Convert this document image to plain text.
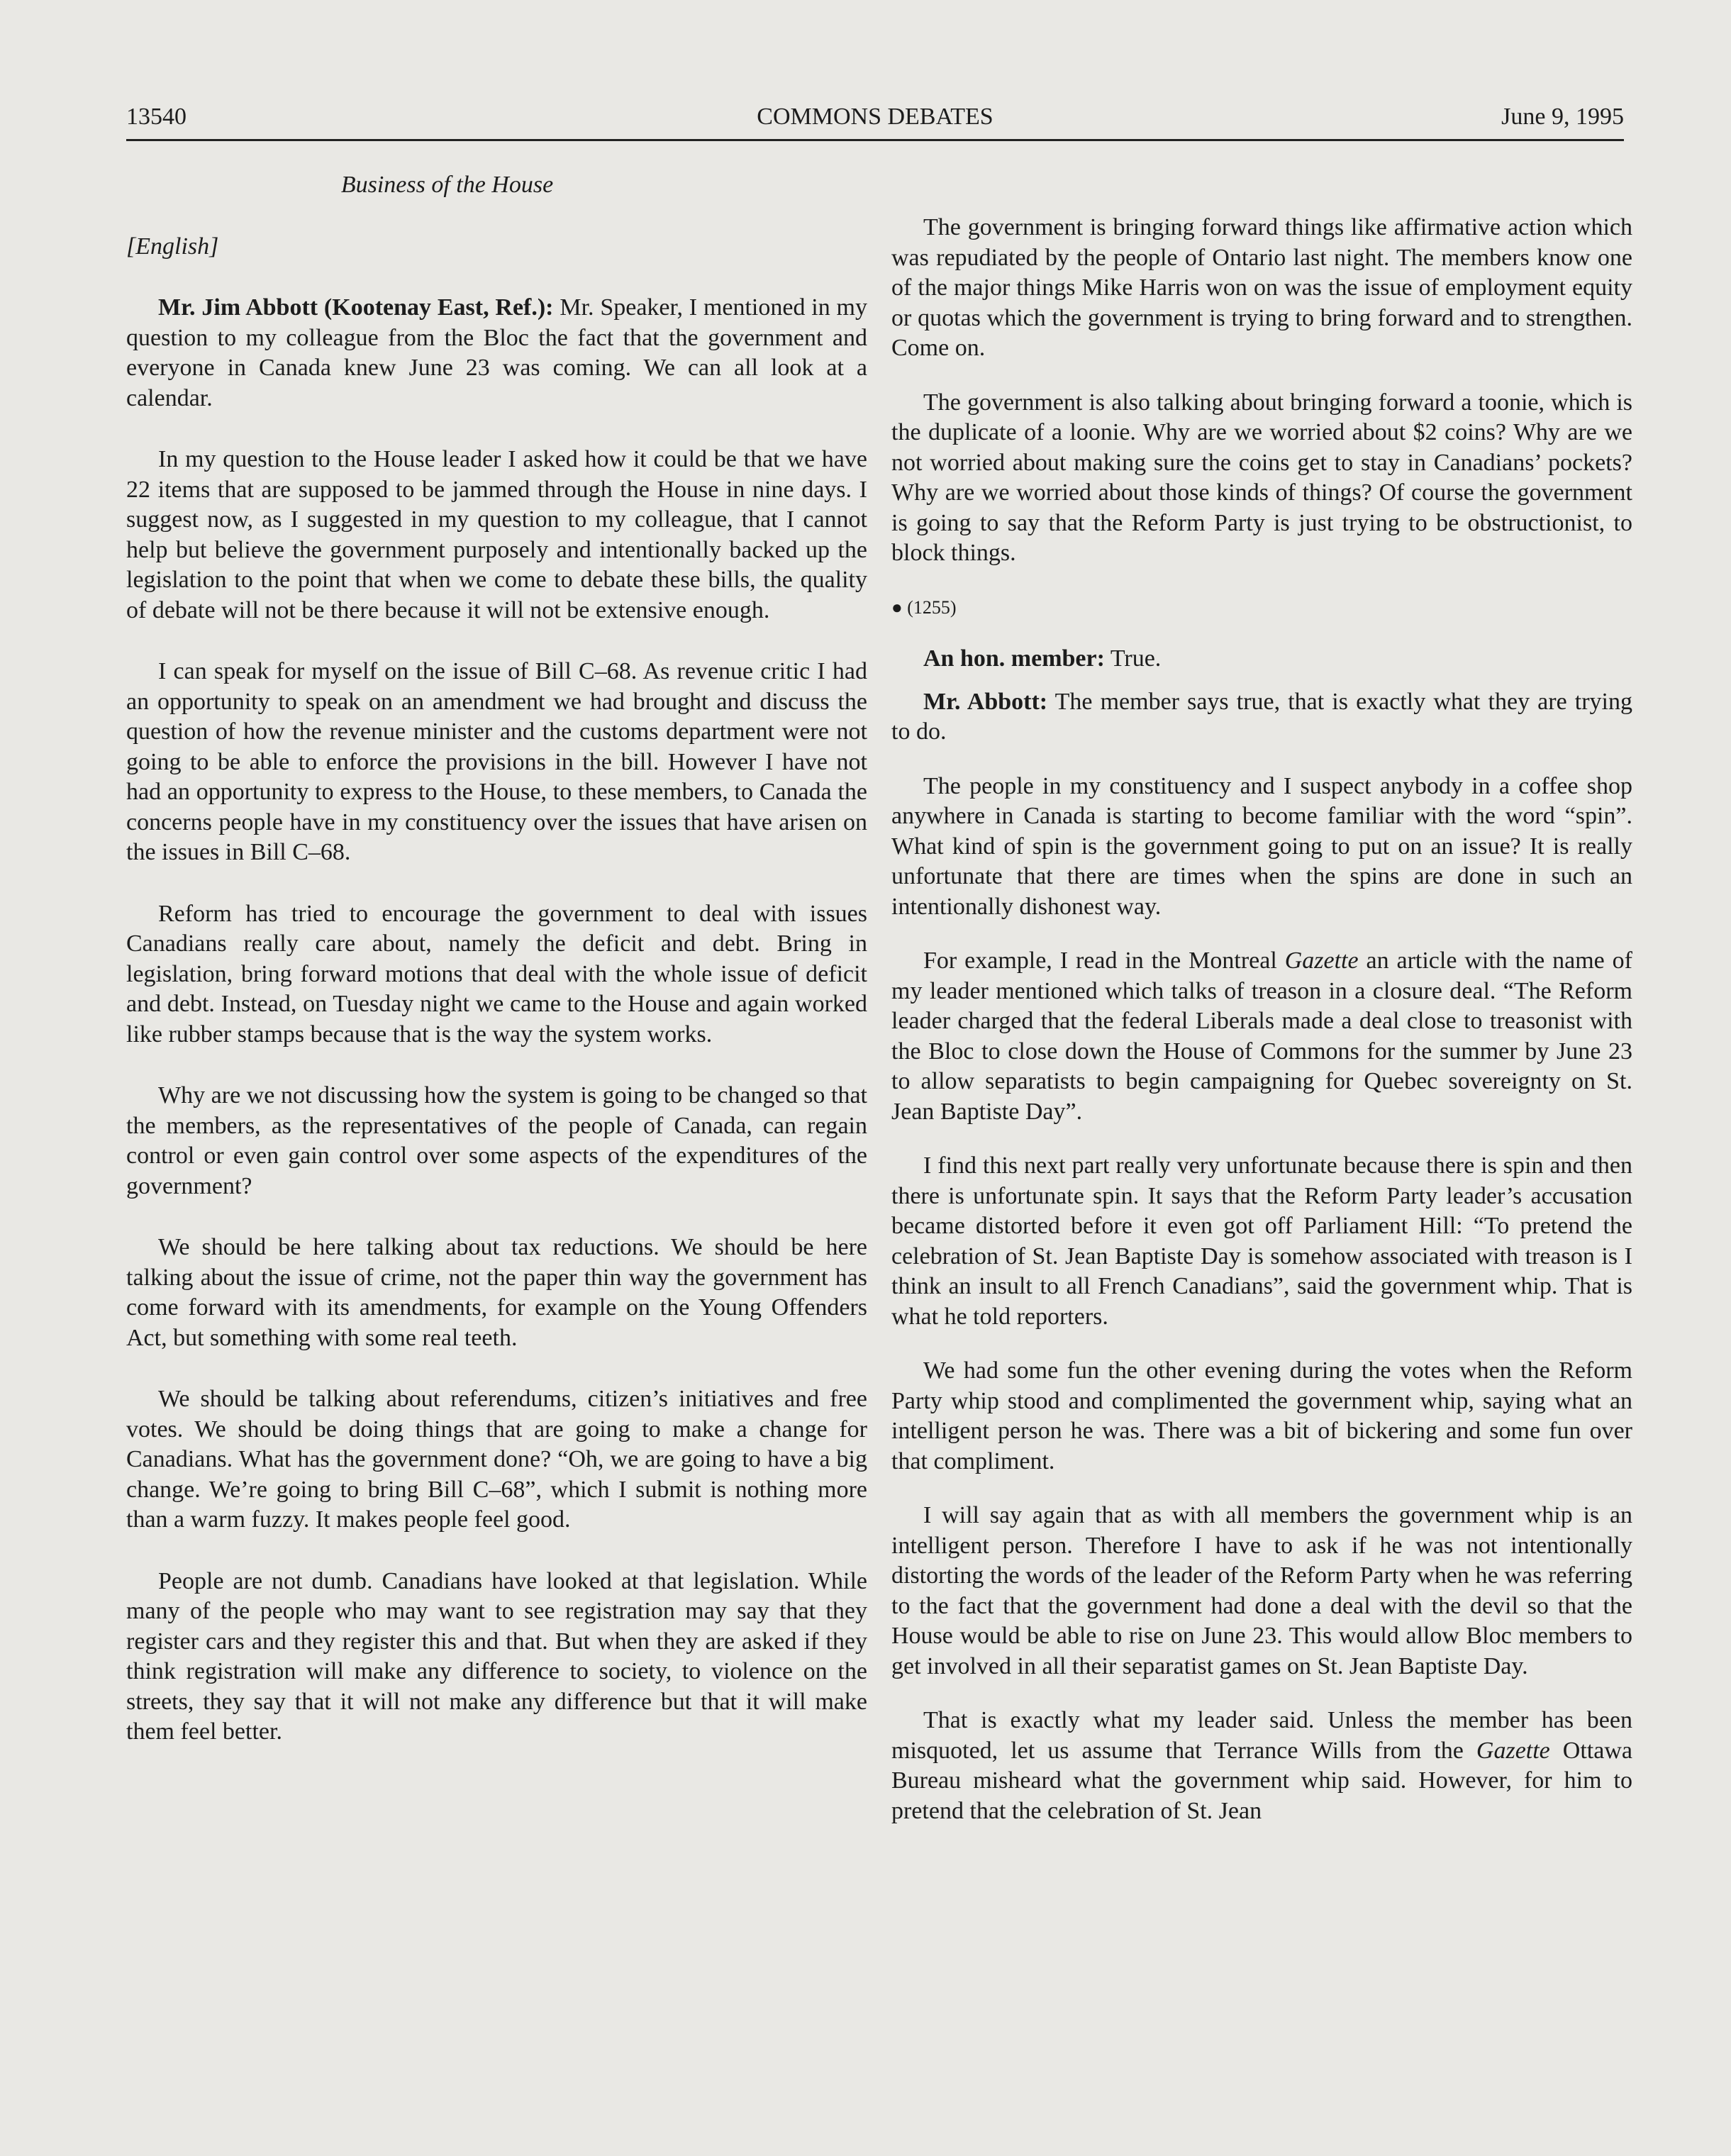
13540	COMMONS DEBATES	June 9, 1995
Business of the House
[English]

Mr. Jim Abbott (Kootenay East, Ref.): Mr. Speaker, I mentioned in my question to my colleague from the Bloc the fact that the government and everyone in Canada knew June 23 was coming. We can all look at a calendar.

In my question to the House leader I asked how it could be that we have 22 items that are supposed to be jammed through the House in nine days. I suggest now, as I suggested in my question to my colleague, that I cannot help but believe the government purposely and intentionally backed up the legislation to the point that when we come to debate these bills, the quality of debate will not be there because it will not be extensive enough.

I can speak for myself on the issue of Bill C–68. As revenue critic I had an opportunity to speak on an amendment we had brought and discuss the question of how the revenue minister and the customs department were not going to be able to enforce the provisions in the bill. However I have not had an opportunity to express to the House, to these members, to Canada the concerns people have in my constituency over the issues that have arisen on the issues in Bill C–68.

Reform has tried to encourage the government to deal with issues Canadians really care about, namely the deficit and debt. Bring in legislation, bring forward motions that deal with the whole issue of deficit and debt. Instead, on Tuesday night we came to the House and again worked like rubber stamps because that is the way the system works.

Why are we not discussing how the system is going to be changed so that the members, as the representatives of the people of Canada, can regain control or even gain control over some aspects of the expenditures of the government?

We should be here talking about tax reductions. We should be here talking about the issue of crime, not the paper thin way the government has come forward with its amendments, for example on the Young Offenders Act, but something with some real teeth.

We should be talking about referendums, citizen’s initiatives and free votes. We should be doing things that are going to make a change for Canadians. What has the government done? “Oh, we are going to have a big change. We’re going to bring Bill C–68”, which I submit is nothing more than a warm fuzzy. It makes people feel good.

People are not dumb. Canadians have looked at that legislation. While many of the people who may want to see registration may say that they register cars and they register this and that. But when they are asked if they think registration will make any difference to society, to violence on the streets, they say that it will not make any difference but that it will make them feel better.

The government is bringing forward things like affirmative action which was repudiated by the people of Ontario last night. The members know one of the major things Mike Harris won on was the issue of employment equity or quotas which the government is trying to bring forward and to strengthen. Come on.

The government is also talking about bringing forward a toonie, which is the duplicate of a loonie. Why are we worried about $2 coins? Why are we not worried about making sure the coins get to stay in Canadians’ pockets? Why are we worried about those kinds of things? Of course the government is going to say that the Reform Party is just trying to be obstructionist, to block things.

● (1255)

An hon. member: True.

Mr. Abbott: The member says true, that is exactly what they are trying to do.

The people in my constituency and I suspect anybody in a coffee shop anywhere in Canada is starting to become familiar with the word “spin”. What kind of spin is the government going to put on an issue? It is really unfortunate that there are times when the spins are done in such an intentionally dishonest way.

For example, I read in the Montreal Gazette an article with the name of my leader mentioned which talks of treason in a closure deal. “The Reform leader charged that the federal Liberals made a deal close to treasonist with the Bloc to close down the House of Commons for the summer by June 23 to allow separatists to begin campaigning for Quebec sovereignty on St. Jean Baptiste Day”.

I find this next part really very unfortunate because there is spin and then there is unfortunate spin. It says that the Reform Party leader’s accusation became distorted before it even got off Parliament Hill: “To pretend the celebration of St. Jean Baptiste Day is somehow associated with treason is I think an insult to all French Canadians”, said the government whip. That is what he told reporters.

We had some fun the other evening during the votes when the Reform Party whip stood and complimented the government whip, saying what an intelligent person he was. There was a bit of bickering and some fun over that compliment.

I will say again that as with all members the government whip is an intelligent person. Therefore I have to ask if he was not intentionally distorting the words of the leader of the Reform Party when he was referring to the fact that the government had done a deal with the devil so that the House would be able to rise on June 23. This would allow Bloc members to get involved in all their separatist games on St. Jean Baptiste Day.

That is exactly what my leader said. Unless the member has been misquoted, let us assume that Terrance Wills from the Gazette Ottawa Bureau misheard what the government whip said. However, for him to pretend that the celebration of St. Jean
